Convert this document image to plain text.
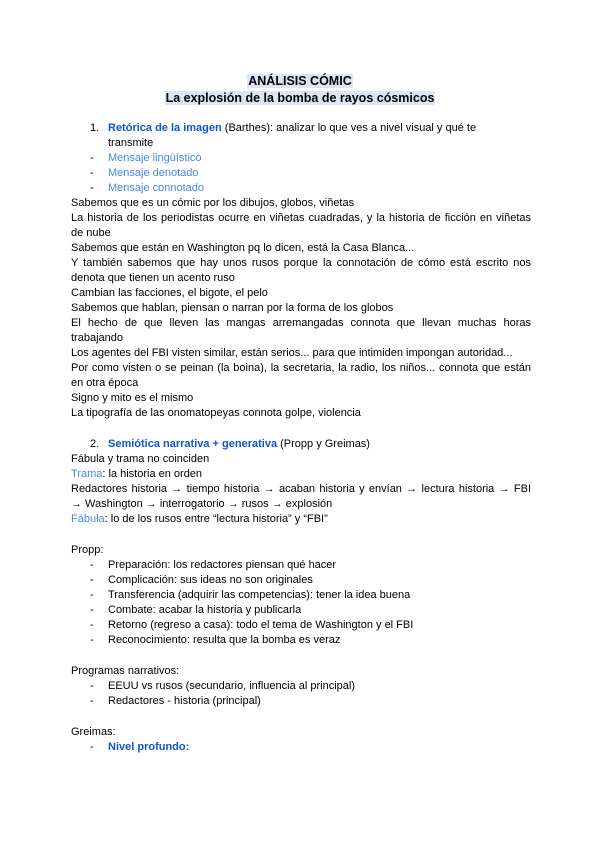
ANÁLISIS CÓMIC
La explosión de la bomba de rayos cósmicos
1. Retórica de la imagen (Barthes): analizar lo que ves a nivel visual y qué te
transmite
- Mensaje lingüístico
- Mensaje denotado
- Mensaje connotado
Sabemos que es un cómic por los dibujos, globos, viñetas
La historia de los periodistas ocurre en viñetas cuadradas, y la historia de ficción en viñetas
de nube
Sabemos que están en Washington pq lo dicen, está la Casa Blanca...
Y también sabemos que hay unos rusos porque la connotación de cómo está escrito nos
denota que tienen un acento ruso
Cambian las facciones, el bigote, el pelo
Sabemos que hablan, piensan o narran por la forma de los globos
El hecho de que lleven las mangas arremangadas connota que llevan muchas horas
trabajando
Los agentes del FBI visten similar, están serios... para que intimiden impongan autoridad...
Por como visten o se peinan (la boina), la secretaria, la radio, los niños... connota que están
en otra época
Signo y mito es el mismo
La tipografía de las onomatopeyas connota golpe, violencia
2. Semiótica narrativa + generativa (Propp y Greimas)
Fábula y trama no coinciden
Trama: la historia en orden
Redactores historia → tiempo historia → acaban historia y envían → lectura historia → FBI
→ Washington → interrogatorio → rusos → explosión
Fábula: lo de los rusos entre “lectura historia” y “FBI”
Propp:
- Preparación: los redactores piensan qué hacer
- Complicación: sus ideas no son originales
- Transferencia (adquirir las competencias): tener la idea buena
- Combate: acabar la historia y publicarla
- Retorno (regreso a casa): todo el tema de Washington y el FBI
- Reconocimiento: resulta que la bomba es veraz
Programas narrativos:
- EEUU vs rusos (secundario, influencia al principal)
- Redactores - historia (principal)
Greimas:
- Nivel profundo:
